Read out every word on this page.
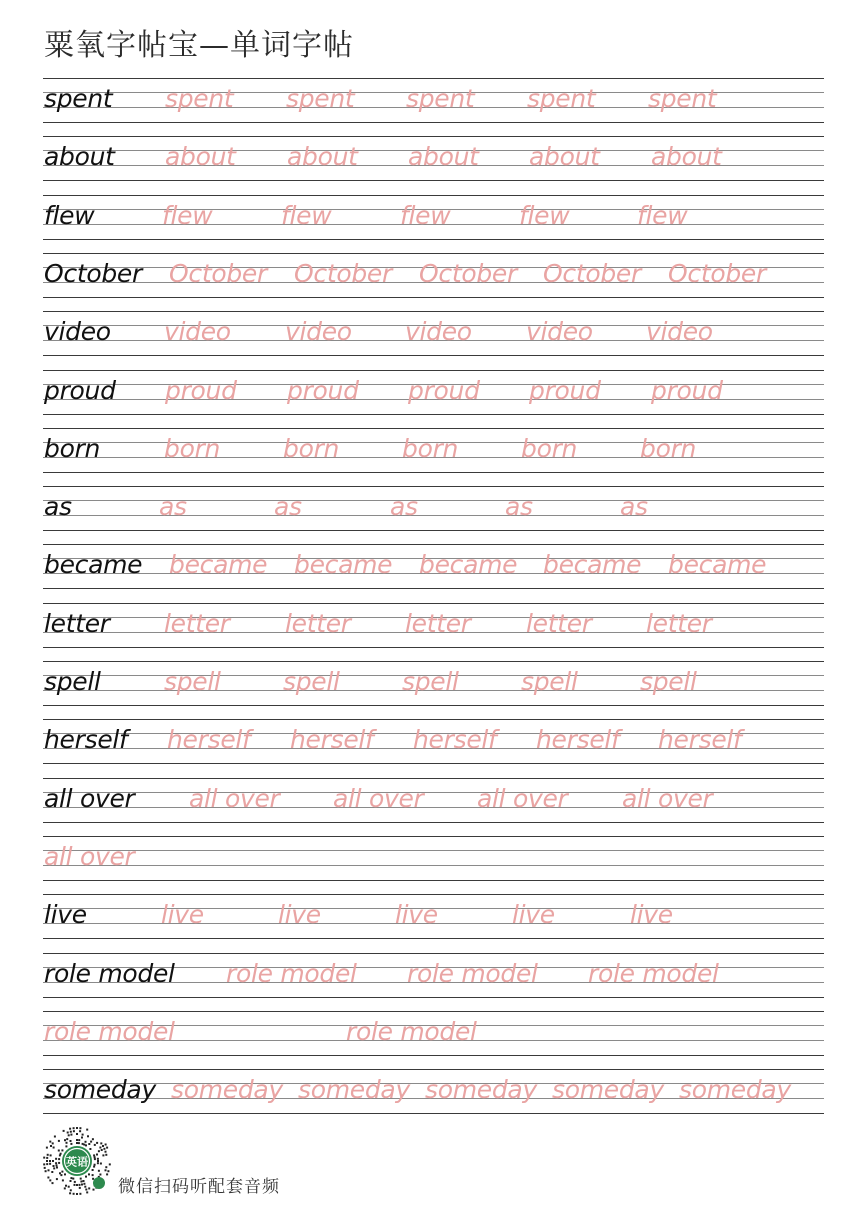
粟氧字帖宝—单词字帖
spent spent spent spent spent spent
about about about about about about
flew	flew	flew	flew	flew	flew
October October October October October October
video video video video video video
proud proud proud proud proud proud
born	born	born	born	born	born
as	as	as	as	as	as
became became became became became became
letter letter letter letter letter letter
spell	spell spell spell spell spell
herself herself herself herself herself herself
all over all over all over all over all over
all over
live	live	live	live	live	live
role model role model role model role model
role model	role model
someday someday someday someday someday someday
英语
微信扫码听配套音频
